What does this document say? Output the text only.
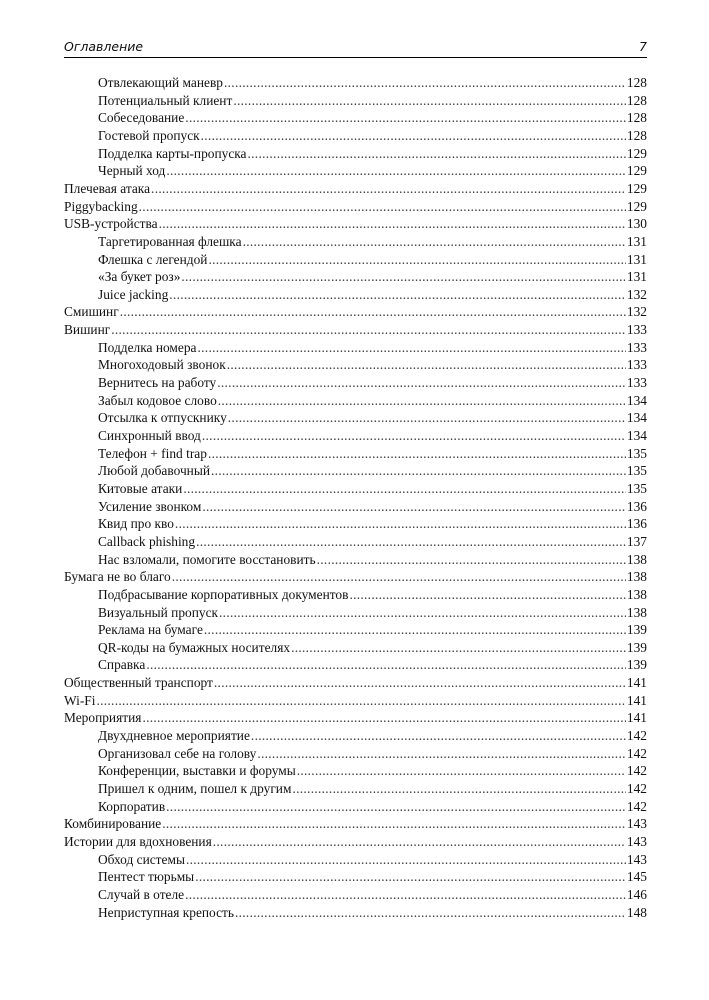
Оглавление	7
Отвлекающий маневр .....	128
Потенциальный клиент .....	128
Собеседование .....	128
Гостевой пропуск .....	128
Подделка карты-пропуска .....	129
Черный ход .....	129
Плечевая атака .....	129
Piggybacking .....	129
USB-устройства .....	130
Таргетированная флешка .....	131
Флешка с легендой .....	131
«За букет роз» .....	131
Juice jacking .....	132
Смишинг .....	132
Вишинг .....	133
Подделка номера .....	133
Многоходовый звонок .....	133
Вернитесь на работу .....	133
Забыл кодовое слово .....	134
Отсылка к отпускнику .....	134
Синхронный ввод .....	134
Телефон + find trap .....	135
Любой добавочный .....	135
Китовые атаки .....	135
Усиление звонком .....	136
Квид про кво .....	136
Callback phishing .....	137
Нас взломали, помогите восстановить .....	138
Бумага не во благо .....	138
Подбрасывание корпоративных документов .....	138
Визуальный пропуск .....	138
Реклама на бумаге .....	139
QR-коды на бумажных носителях .....	139
Справка .....	139
Общественный транспорт .....	141
Wi-Fi .....	141
Мероприятия .....	141
Двухдневное мероприятие .....	142
Организовал себе на голову .....	142
Конференции, выставки и форумы .....	142
Пришел к одним, пошел к другим .....	142
Корпоратив .....	142
Комбинирование .....	143
Истории для вдохновения .....	143
Обход системы .....	143
Пентест тюрьмы .....	145
Случай в отеле .....	146
Неприступная крепость .....	148
